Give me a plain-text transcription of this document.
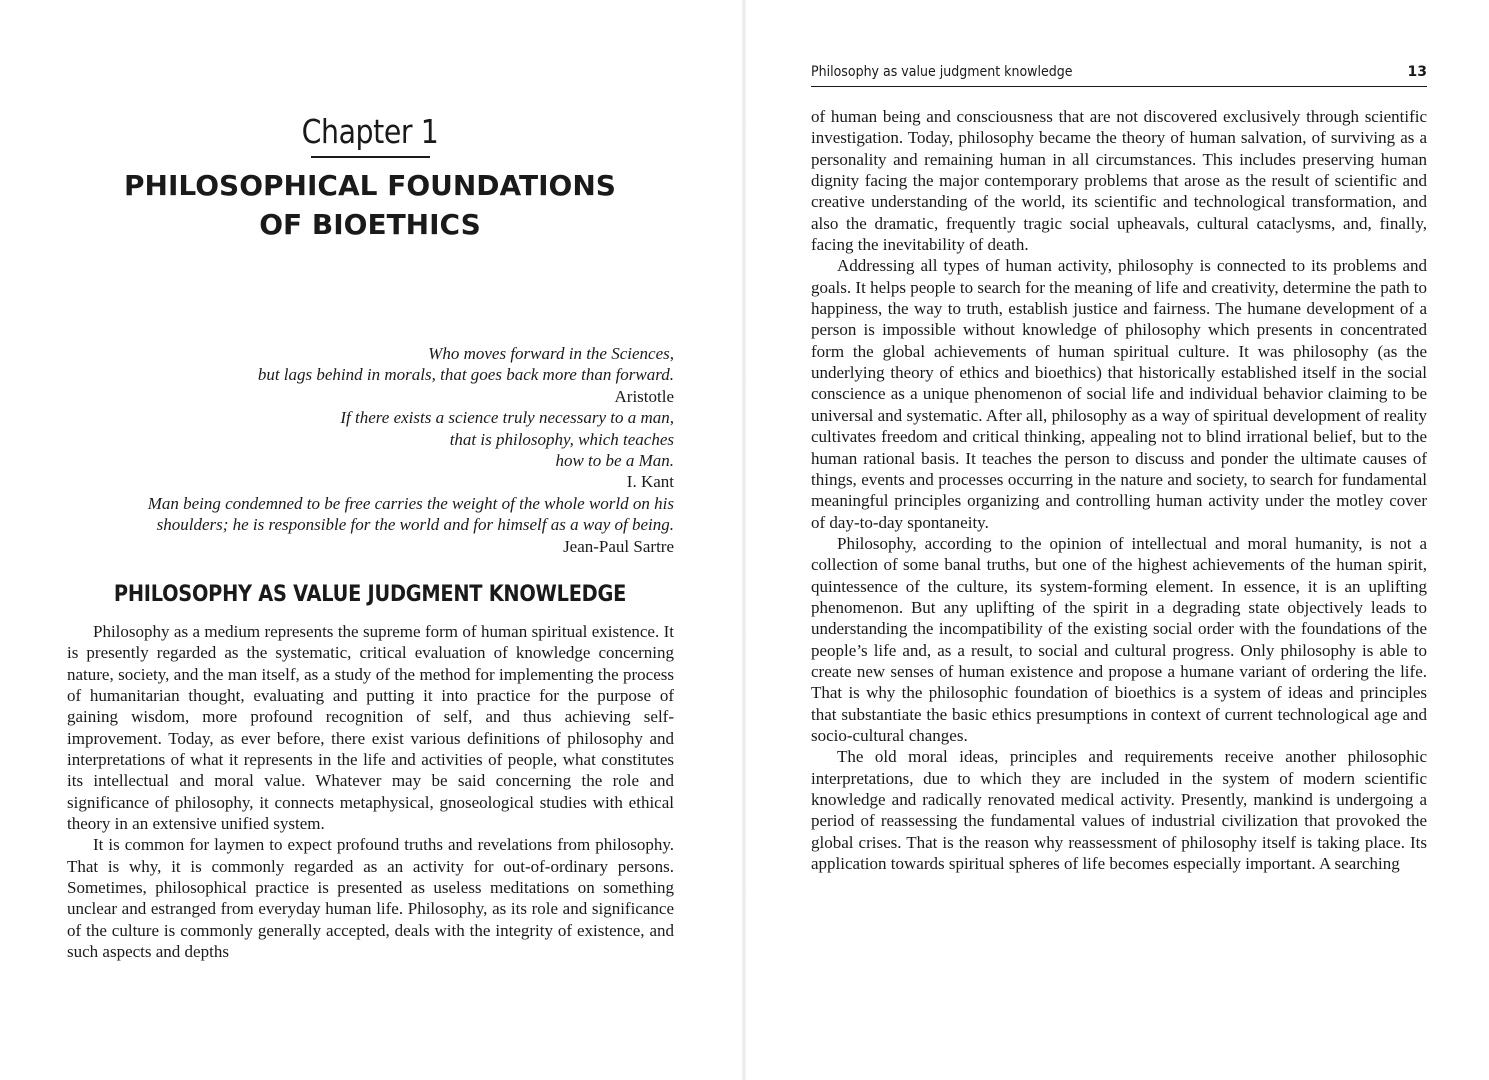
Chapter 1
PHILOSOPHICAL FOUNDATIONS
OF BIOETHICS
Who moves forward in the Sciences,
but lags behind in morals, that goes back more than forward.
Aristotle
If there exists a science truly necessary to a man,
that is philosophy, which teaches
how to be a Man.
I. Kant
Man being condemned to be free carries the weight of the whole world on his
shoulders; he is responsible for the world and for himself as a way of being.
Jean-Paul Sartre
PHILOSOPHY AS VALUE JUDGMENT KNOWLEDGE

Philosophy as a medium represents the supreme form of human spiritual existence. It is presently regarded as the systematic, critical evaluation of knowledge concerning nature, society, and the man itself, as a study of the method for implementing the process of humanitarian thought, evaluating and putting it into practice for the purpose of gaining wisdom, more profound recognition of self, and thus achieving self-improvement. Today, as ever before, there exist various definitions of philosophy and interpretations of what it represents in the life and activities of people, what constitutes its intellectual and moral value. Whatever may be said concerning the role and significance of philosophy, it connects metaphysical, gnoseological studies with ethical theory in an extensive unified system.

It is common for laymen to expect profound truths and revelations from philosophy. That is why, it is commonly regarded as an activity for out-of-ordinary persons. Sometimes, philosophical practice is presented as useless meditations on something unclear and estranged from everyday human life. Philosophy, as its role and significance of the culture is commonly generally accepted, deals with the integrity of existence, and such aspects and depths

Philosophy as value judgment knowledge	13

of human being and consciousness that are not discovered exclusively through scientific investigation. Today, philosophy became the theory of human salvation, of surviving as a personality and remaining human in all circumstances. This includes preserving human dignity facing the major contemporary problems that arose as the result of scientific and creative understanding of the world, its scientific and technological transformation, and also the dramatic, frequently tragic social upheavals, cultural cataclysms, and, finally, facing the inevitability of death.

Addressing all types of human activity, philosophy is connected to its problems and goals. It helps people to search for the meaning of life and creativity, determine the path to happiness, the way to truth, establish justice and fairness. The humane development of a person is impossible without knowledge of philosophy which presents in concentrated form the global achievements of human spiritual culture. It was philosophy (as the underlying theory of ethics and bioethics) that historically established itself in the social conscience as a unique phenomenon of social life and individual behavior claiming to be universal and systematic. After all, philosophy as a way of spiritual development of reality cultivates freedom and critical thinking, appealing not to blind irrational belief, but to the human rational basis. It teaches the person to discuss and ponder the ultimate causes of things, events and processes occurring in the nature and society, to search for fundamental meaningful principles organizing and controlling human activity under the motley cover of day-to-day spontaneity.

Philosophy, according to the opinion of intellectual and moral humanity, is not a collection of some banal truths, but one of the highest achievements of the human spirit, quintessence of the culture, its system-forming element. In essence, it is an uplifting phenomenon. But any uplifting of the spirit in a degrading state objectively leads to understanding the incompatibility of the existing social order with the foundations of the people’s life and, as a result, to social and cultural progress. Only philosophy is able to create new senses of human existence and propose a humane variant of ordering the life. That is why the philosophic foundation of bioethics is a system of ideas and principles that substantiate the basic ethics presumptions in context of current technological age and socio-cultural changes.

The old moral ideas, principles and requirements receive another philosophic interpretations, due to which they are included in the system of modern scientific knowledge and radically renovated medical activity. Presently, mankind is undergoing a period of reassessing the fundamental values of industrial civilization that provoked the global crises. That is the reason why reassessment of philosophy itself is taking place. Its application towards spiritual spheres of life becomes especially important. A searching
